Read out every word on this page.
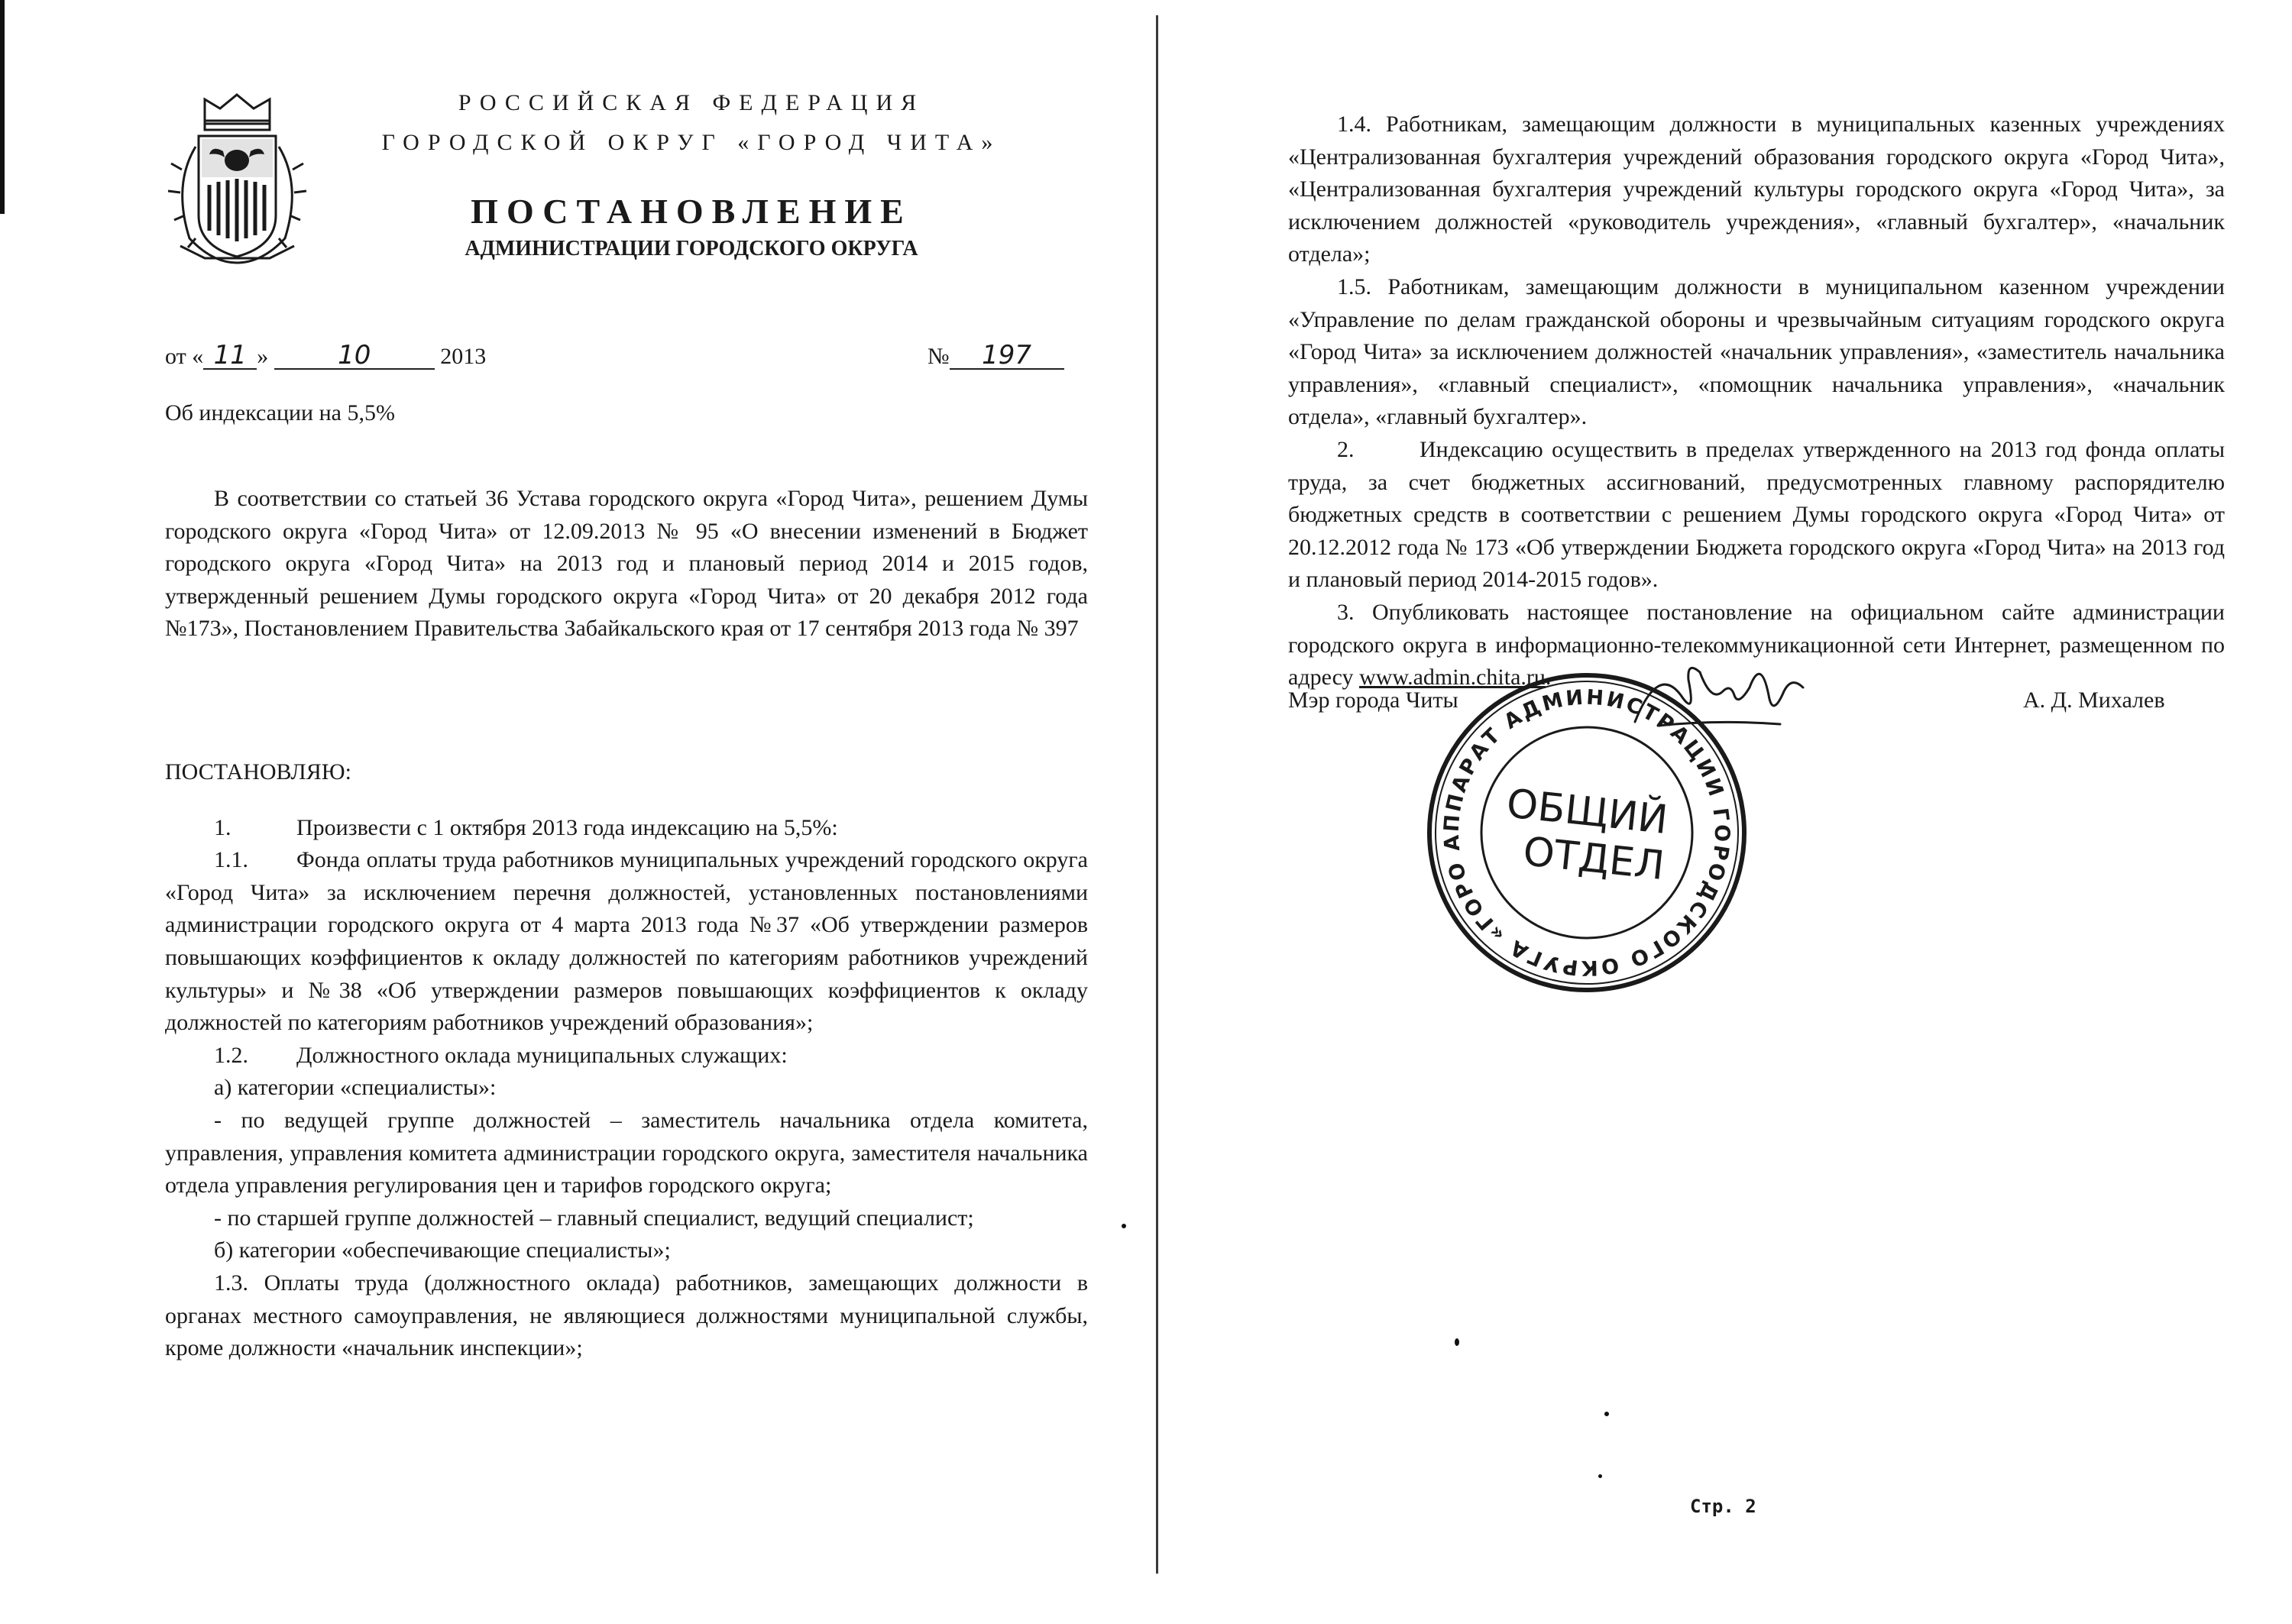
РОССИЙСКАЯ ФЕДЕРАЦИЯ
ГОРОДСКОЙ ОКРУГ «ГОРОД ЧИТА»
ПОСТАНОВЛЕНИЕ
АДМИНИСТРАЦИИ ГОРОДСКОГО ОКРУГА
от « 11 »	10	2013	№ 197
Об индексации на 5,5%

В соответствии со статьей 36 Устава городского округа «Город Чита», решением Думы городского округа «Город Чита» от 12.09.2013 № 95 «О внесении изменений в Бюджет городского округа «Город Чита» на 2013 год и плановый период 2014 и 2015 годов, утвержденный решением Думы городского округа «Город Чита» от 20 декабря 2012 года №173», Постановлением Правительства Забайкальского края от 17 сентября 2013 года № 397

ПОСТАНОВЛЯЮ:

1.	Произвести с 1 октября 2013 года индексацию на 5,5%:

1.1. Фонда оплаты труда работников муниципальных учреждений городского округа «Город Чита» за исключением перечня должностей, установленных постановлениями администрации городского округа от 4 марта 2013 года №37 «Об утверждении размеров повышающих коэффициентов к окладу должностей по категориям работников учреждений культуры» и №38 «Об утверждении размеров повышающих коэффициентов к окладу должностей по категориям работников учреждений образования»;

1.2. Должностного оклада муниципальных служащих:

а) категории «специалисты»:

- по ведущей группе должностей – заместитель начальника отдела комитета, управления, управления комитета администрации городского округа, заместителя начальника отдела управления регулирования цен и тарифов городского округа;

- по старшей группе должностей – главный специалист, ведущий специалист;

б) категории «обеспечивающие специалисты»;

1.3. Оплаты труда (должностного оклада) работников, замещающих должности в органах местного самоуправления, не являющиеся должностями муниципальной службы, кроме должности «начальник инспекции»;

1.4. Работникам, замещающим должности в муниципальных казенных учреждениях «Централизованная бухгалтерия учреждений образования городского округа «Город Чита», «Централизованная бухгалтерия учреждений культуры городского округа «Город Чита», за исключением должностей «руководитель учреждения», «главный бухгалтер», «начальник отдела»;

1.5. Работникам, замещающим должности в муниципальном казенном учреждении «Управление по делам гражданской обороны и чрезвычайным ситуациям городского округа «Город Чита» за исключением должностей «начальник управления», «заместитель начальника управления», «главный специалист», «помощник начальника управления», «начальник отдела», «главный бухгалтер».

2.	Индексацию осуществить в пределах утвержденного на 2013 год фонда оплаты труда, за счет бюджетных ассигнований, предусмотренных главному распорядителю бюджетных средств в соответствии с решением Думы городского округа «Город Чита» от 20.12.2012 года № 173 «Об утверждении Бюджета городского округа «Город Чита» на 2013 год и плановый период 2014-2015 годов».

3. Опубликовать настоящее постановление на официальном сайте администрации городского округа в информационно-телекоммуникационной сети Интернет, размещенном по адресу www.admin.chita.ru.

Мэр города Читы	А. Д. Михалев
АППАРАТ АДМИНИСТРАЦИИ ГОРОДСКОГО ОКРУГА «ГОРОД
ОБЩИЙ
ОТДЕЛ
Стр. 2
